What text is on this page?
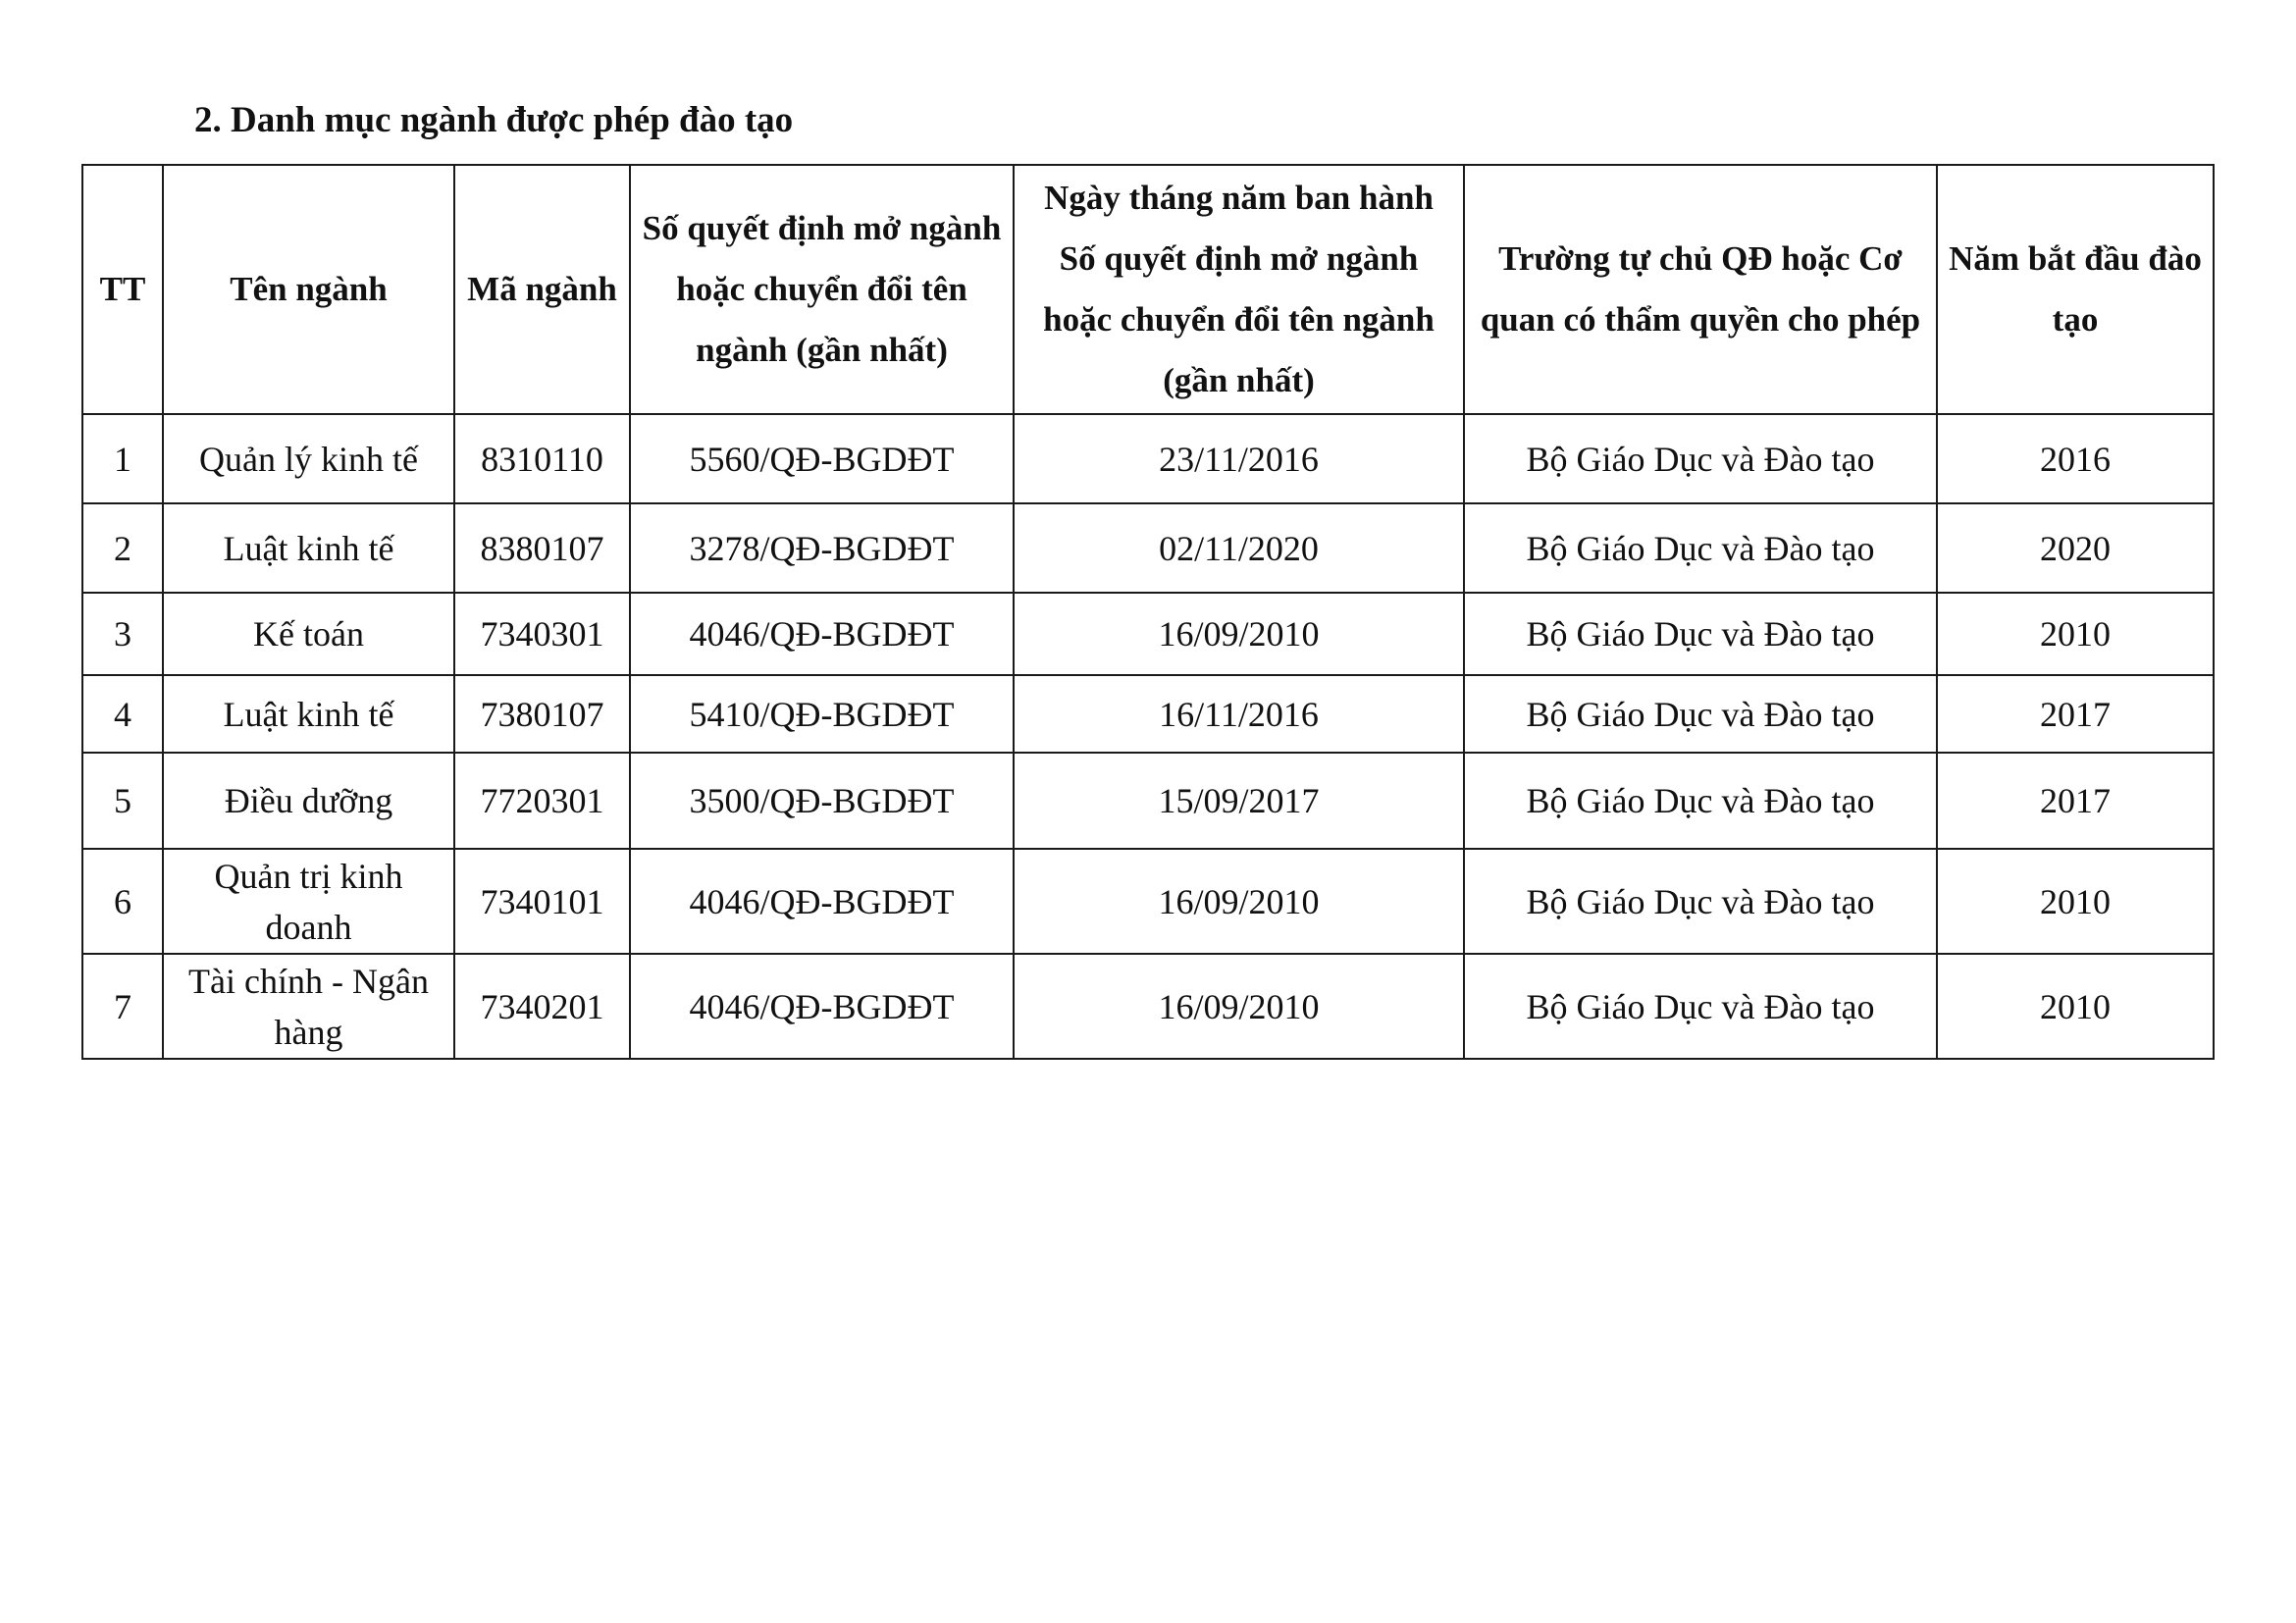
2. Danh mục ngành được phép đào tạo
TT	Tên ngành	Mã ngành	Số quyết định mở ngành hoặc chuyển đổi tên ngành (gần nhất)	Ngày tháng năm ban hành Số quyết định mở ngành hoặc chuyển đổi tên ngành (gần nhất)	Trường tự chủ QĐ hoặc Cơ quan có thẩm quyền cho phép	Năm bắt đầu đào tạo
1	Quản lý kinh tế	8310110	5560/QĐ-BGDĐT	23/11/2016	Bộ Giáo Dục và Đào tạo	2016
2	Luật kinh tế	8380107	3278/QĐ-BGDĐT	02/11/2020	Bộ Giáo Dục và Đào tạo	2020
3	Kế toán	7340301	4046/QĐ-BGDĐT	16/09/2010	Bộ Giáo Dục và Đào tạo	2010
4	Luật kinh tế	7380107	5410/QĐ-BGDĐT	16/11/2016	Bộ Giáo Dục và Đào tạo	2017
5	Điều dưỡng	7720301	3500/QĐ-BGDĐT	15/09/2017	Bộ Giáo Dục và Đào tạo	2017
6	Quản trị kinh doanh	7340101	4046/QĐ-BGDĐT	16/09/2010	Bộ Giáo Dục và Đào tạo	2010
7	Tài chính - Ngân hàng	7340201	4046/QĐ-BGDĐT	16/09/2010	Bộ Giáo Dục và Đào tạo	2010
